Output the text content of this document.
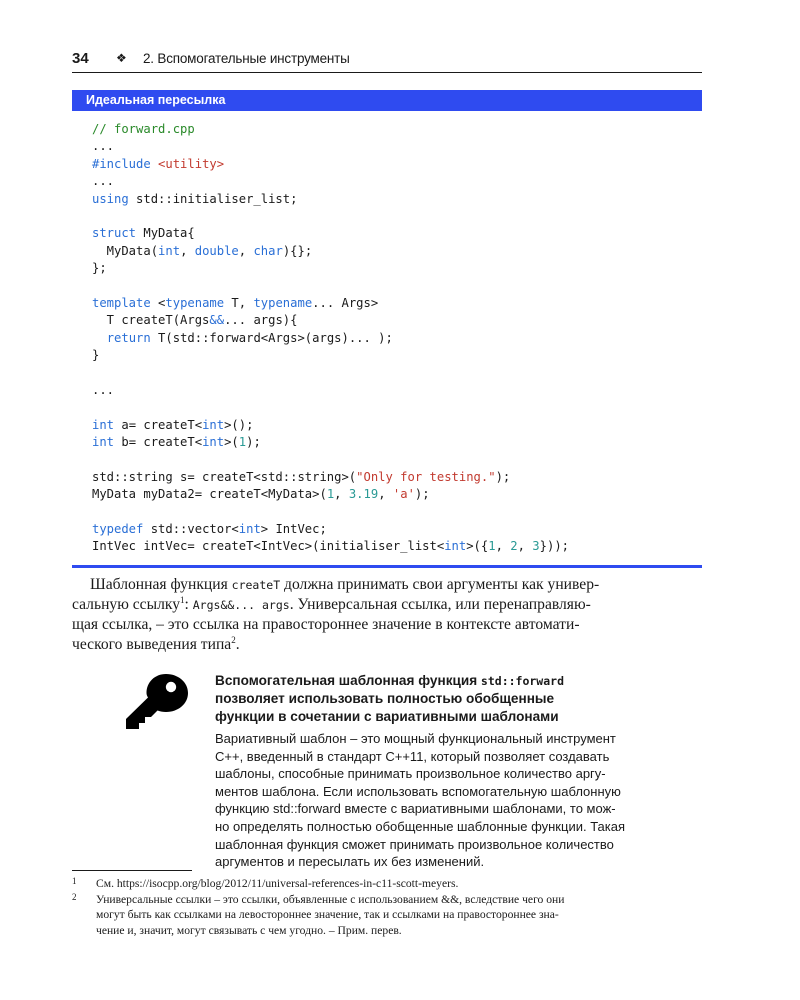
34 ❖ 2. Вспомогательные инструменты
Идеальная пересылка
// forward.cpp
...
#include <utility>
...
using std::initialiser_list;
struct MyData{
MyData(int, double, char){};
};
template <typename T, typename... Args>
T createT(Args&&... args){
return T(std::forward<Args>(args)... );
}
...
int a= createT<int>();
int b= createT<int>(1);
std::string s= createT<std::string>("Only for testing.");
MyData myData2= createT<MyData>(1, 3.19, 'a');
typedef std::vector<int> IntVec;
IntVec intVec= createT<IntVec>(initialiser_list<int>({1, 2, 3}));
Шаблонная функция createT должна принимать свои аргументы как универ-
сальную ссылку$^1$: Args&&... args. Универсальная ссылка, или перенаправляю-
щая ссылка, – это ссылка на правостороннее значение в контексте автомати-
ческого выведения типа$^2$.
Вспомогательная шаблонная функция std::forward
позволяет использовать полностью обобщенные
функции в сочетании с вариативными шаблонами
Вариативный шаблон – это мощный функциональный инструмент
C++, введенный в стандарт C++11, который позволяет создавать
шаблоны, способные принимать произвольное количество аргу-
ментов шаблона. Если использовать вспомогательную шаблонную
функцию std::forward вместе с вариативными шаблонами, то мож-
но определять полностью обобщенные шаблонные функции. Такая
шаблонная функция сможет принимать произвольное количество
аргументов и пересылать их без изменений.
1 См. https://isocpp.org/blog/2012/11/universal-references-in-c11-scott-meyers.
2 Универсальные ссылки – это ссылки, объявленные с использованием &&, вследствие чего они
могут быть как ссылками на левостороннее значение, так и ссылками на правостороннее зна-
чение и, значит, могут связывать с чем угодно. – Прим. перев.
